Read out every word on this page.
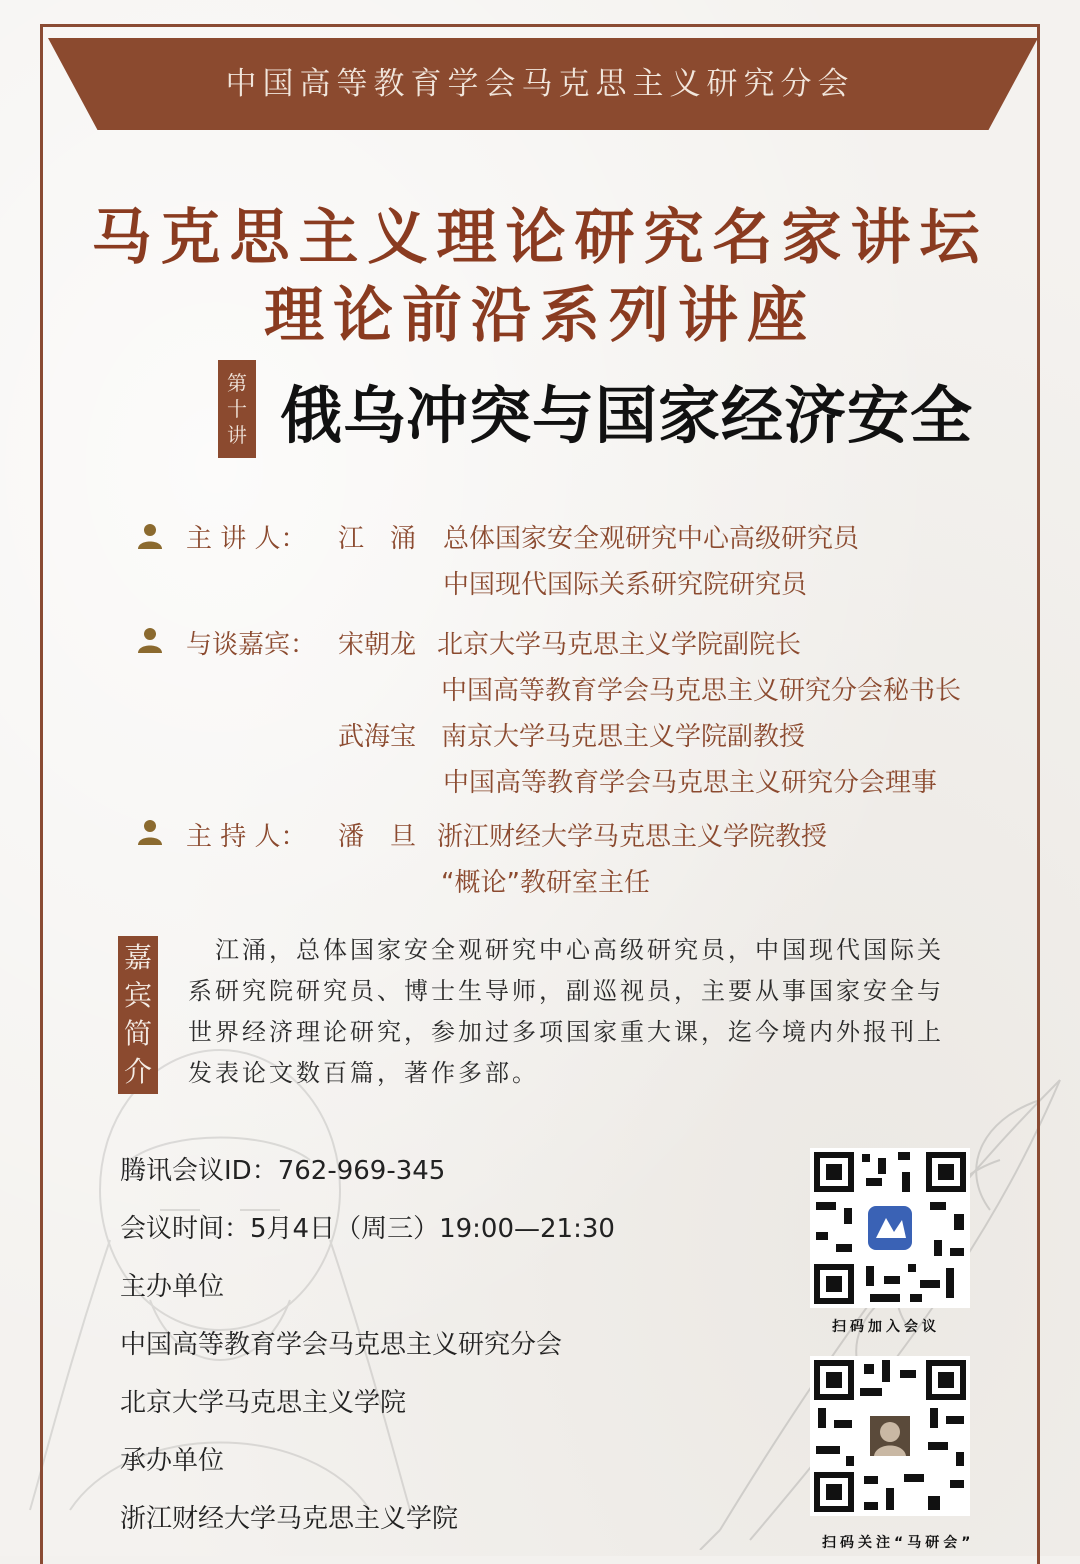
中国高等教育学会马克思主义研究分会
马克思主义理论研究名家讲坛
理论前沿系列讲座
第
十
讲 俄乌冲突与国家经济安全
主 讲 人： 江　涌 总体国家安全观研究中心高级研究员
中国现代国际关系研究院研究员
与谈嘉宾： 宋朝龙 北京大学马克思主义学院副院长
中国高等教育学会马克思主义研究分会秘书长
武海宝 南京大学马克思主义学院副教授
中国高等教育学会马克思主义研究分会理事
主 持 人： 潘　旦 浙江财经大学马克思主义学院教授
“概论”教研室主任
嘉
宾
简
介
　江涌，总体国家安全观研究中心高级研究员，中国现代国际关
系研究院研究员、博士生导师，副巡视员，主要从事国家安全与
世界经济理论研究，参加过多项国家重大课，迄今境内外报刊上
发表论文数百篇，著作多部。
腾讯会议ID：762-969-345
会议时间：5月4日（周三）19:00—21:30
主办单位
中国高等教育学会马克思主义研究分会
北京大学马克思主义学院
承办单位
浙江财经大学马克思主义学院
扫码加入会议
扫码关注“马研会”
